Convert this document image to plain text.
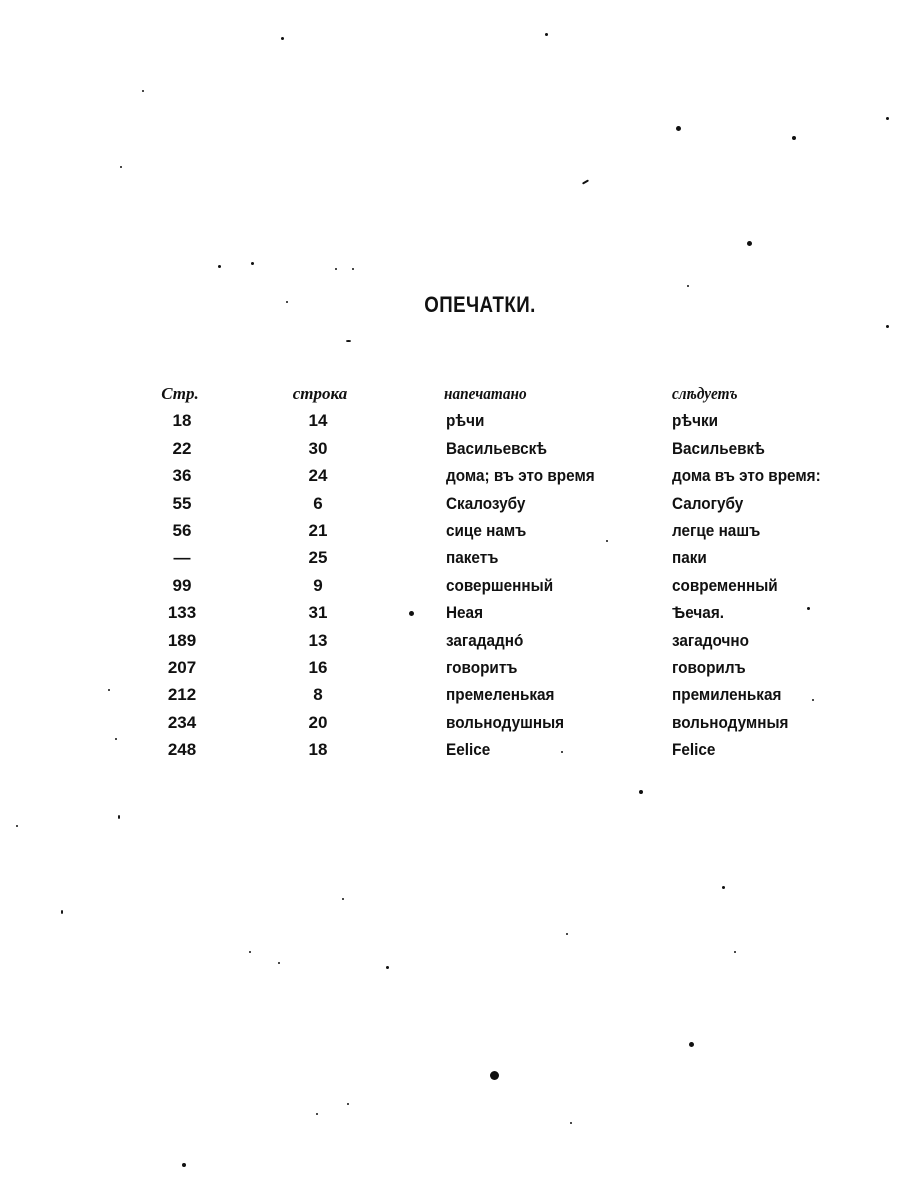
ОПЕЧАТКИ.
Стр.	строка	напечатано	слѣдуетъ
18	14	рѣчи	рѣчки
22	30	Васильевскѣ	Васильевкѣ
36	24	дома; въ это время	дома въ это время:
55	6	Скалозубу	Салогубу
56	21	сице намъ	легце нашъ
—	25	пакетъ	паки
99	9	совершенный	современный
133	31	Неая	Ѣечая.
189	13	загададнó	загадочно
207	16	говоритъ	говорилъ
212	8	премеленькая	премиленькая
234	20	вольнодушныя	вольнодумныя
248	18	Eelice	Felice
